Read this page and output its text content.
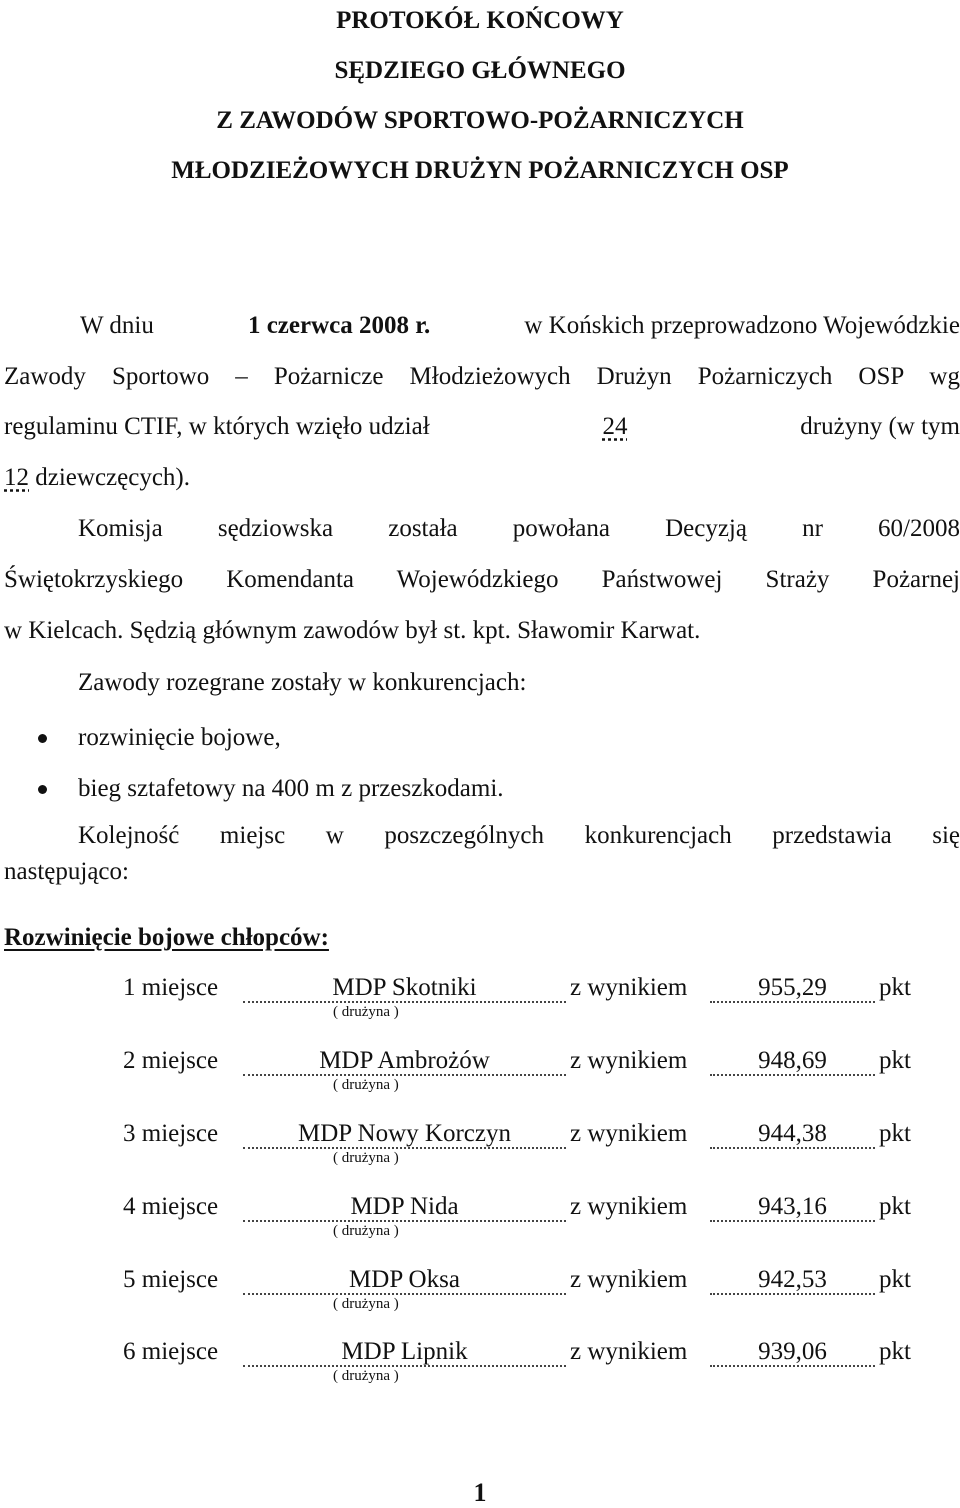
PROTOKÓŁ KOŃCOWY
SĘDZIEGO GŁÓWNEGO
Z ZAWODÓW SPORTOWO-POŻARNICZYCH
MŁODZIEŻOWYCH DRUŻYN POŻARNICZYCH OSP
W dniu	1 czerwca 2008 r.	w Końskich przeprowadzono Wojewódzkie
Zawody Sportowo – Pożarnicze Młodzieżowych Drużyn Pożarniczych OSP wg
regulaminu CTIF, w których wzięło udział	24	drużyny (w tym
12 dziewczęcych).
Komisja sędziowska została powołana Decyzją nr 60/2008
Świętokrzyskiego Komendanta Wojewódzkiego Państwowej Straży Pożarnej
w Kielcach. Sędzią głównym zawodów był st. kpt. Sławomir Karwat.
Zawody rozegrane zostały w konkurencjach:
rozwinięcie bojowe,
bieg sztafetowy na 400 m z przeszkodami.
Kolejność miejsc w poszczególnych konkurencjach przedstawia się
następująco:
Rozwinięcie bojowe chłopców:
1 miejsce	MDP Skotniki	z wynikiem	955,29	pkt
( drużyna )
2 miejsce	MDP Ambrożów	z wynikiem	948,69	pkt
( drużyna )
3 miejsce	MDP Nowy Korczyn	z wynikiem	944,38	pkt
( drużyna )
4 miejsce	MDP Nida	z wynikiem	943,16	pkt
( drużyna )
5 miejsce	MDP Oksa	z wynikiem	942,53	pkt
( drużyna )
6 miejsce	MDP Lipnik	z wynikiem	939,06	pkt
( drużyna )
1
